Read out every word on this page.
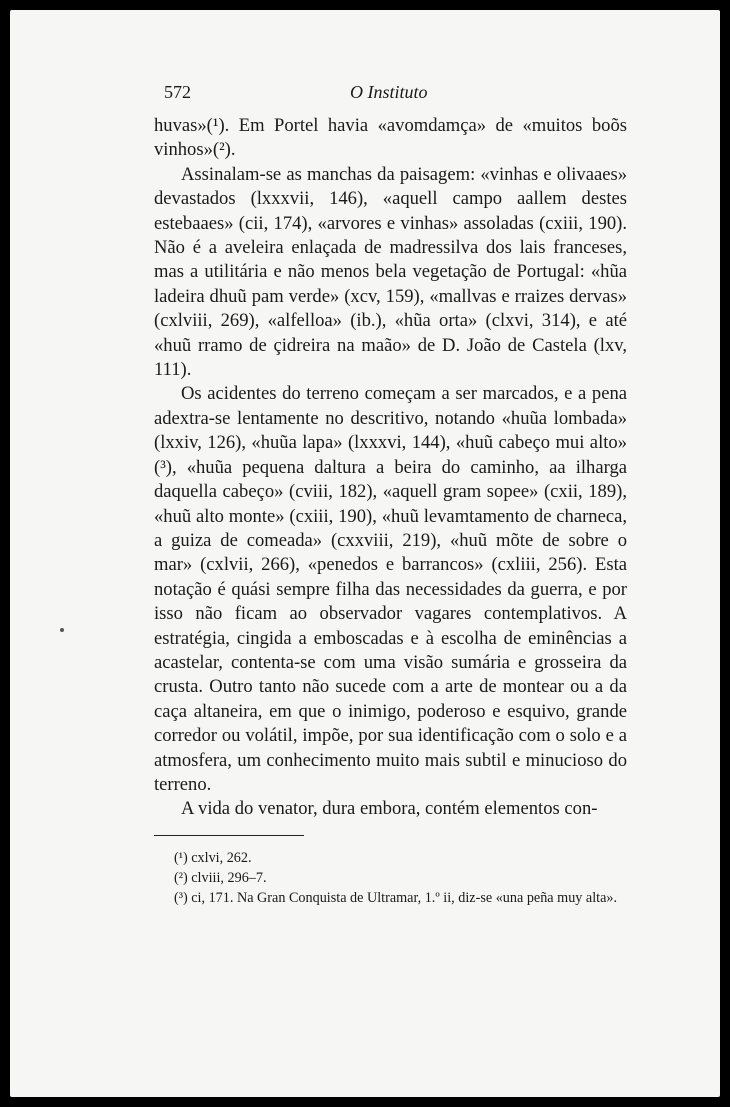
572	O Instituto

huvas»(¹). Em Portel havia «avomdamça» de «muitos boõs vinhos»(²).

Assinalam-se as manchas da paisagem: «vinhas e olivaaes» devastados (lxxxvii, 146), «aquell campo aallem destes estebaaes» (cii, 174), «arvores e vinhas» assoladas (cxiii, 190). Não é a aveleira enlaçada de madressilva dos lais franceses, mas a utilitária e não menos bela vegetação de Portugal: «hũa ladeira dhuũ pam verde» (xcv, 159), «mallvas e rraizes dervas» (cxlviii, 269), «alfelloa» (ib.), «hũa orta» (clxvi, 314), e até «huũ rramo de çidreira na maão» de D. João de Castela (lxv, 111).

Os acidentes do terreno começam a ser marcados, e a pena adextra-se lentamente no descritivo, notando «huũa lombada» (lxxiv, 126), «huũa lapa» (lxxxvi, 144), «huũ cabeço mui alto» (³), «huũa pequena daltura a beira do caminho, aa ilharga daquella cabeço» (cviii, 182), «aquell gram sopee» (cxii, 189), «huũ alto monte» (cxiii, 190), «huũ levamtamento de charneca, a guiza de comeada» (cxxviii, 219), «huũ mõte de sobre o mar» (cxlvii, 266), «penedos e barrancos» (cxliii, 256). Esta notação é quási sempre filha das necessidades da guerra, e por isso não ficam ao observador vagares contemplativos. A estratégia, cingida a emboscadas e à escolha de eminências a acastelar, contenta-se com uma visão sumária e grosseira da crusta. Outro tanto não sucede com a arte de montear ou a da caça altaneira, em que o inimigo, poderoso e esquivo, grande corredor ou volátil, impõe, por sua identificação com o solo e a atmosfera, um conhecimento muito mais subtil e minucioso do terreno.

A vida do venator, dura embora, contém elementos con-

(¹) cxlvi, 262.

(²) clviii, 296–7.

(³) ci, 171. Na Gran Conquista de Ultramar, 1.º ii, diz-se «una peña muy alta».
